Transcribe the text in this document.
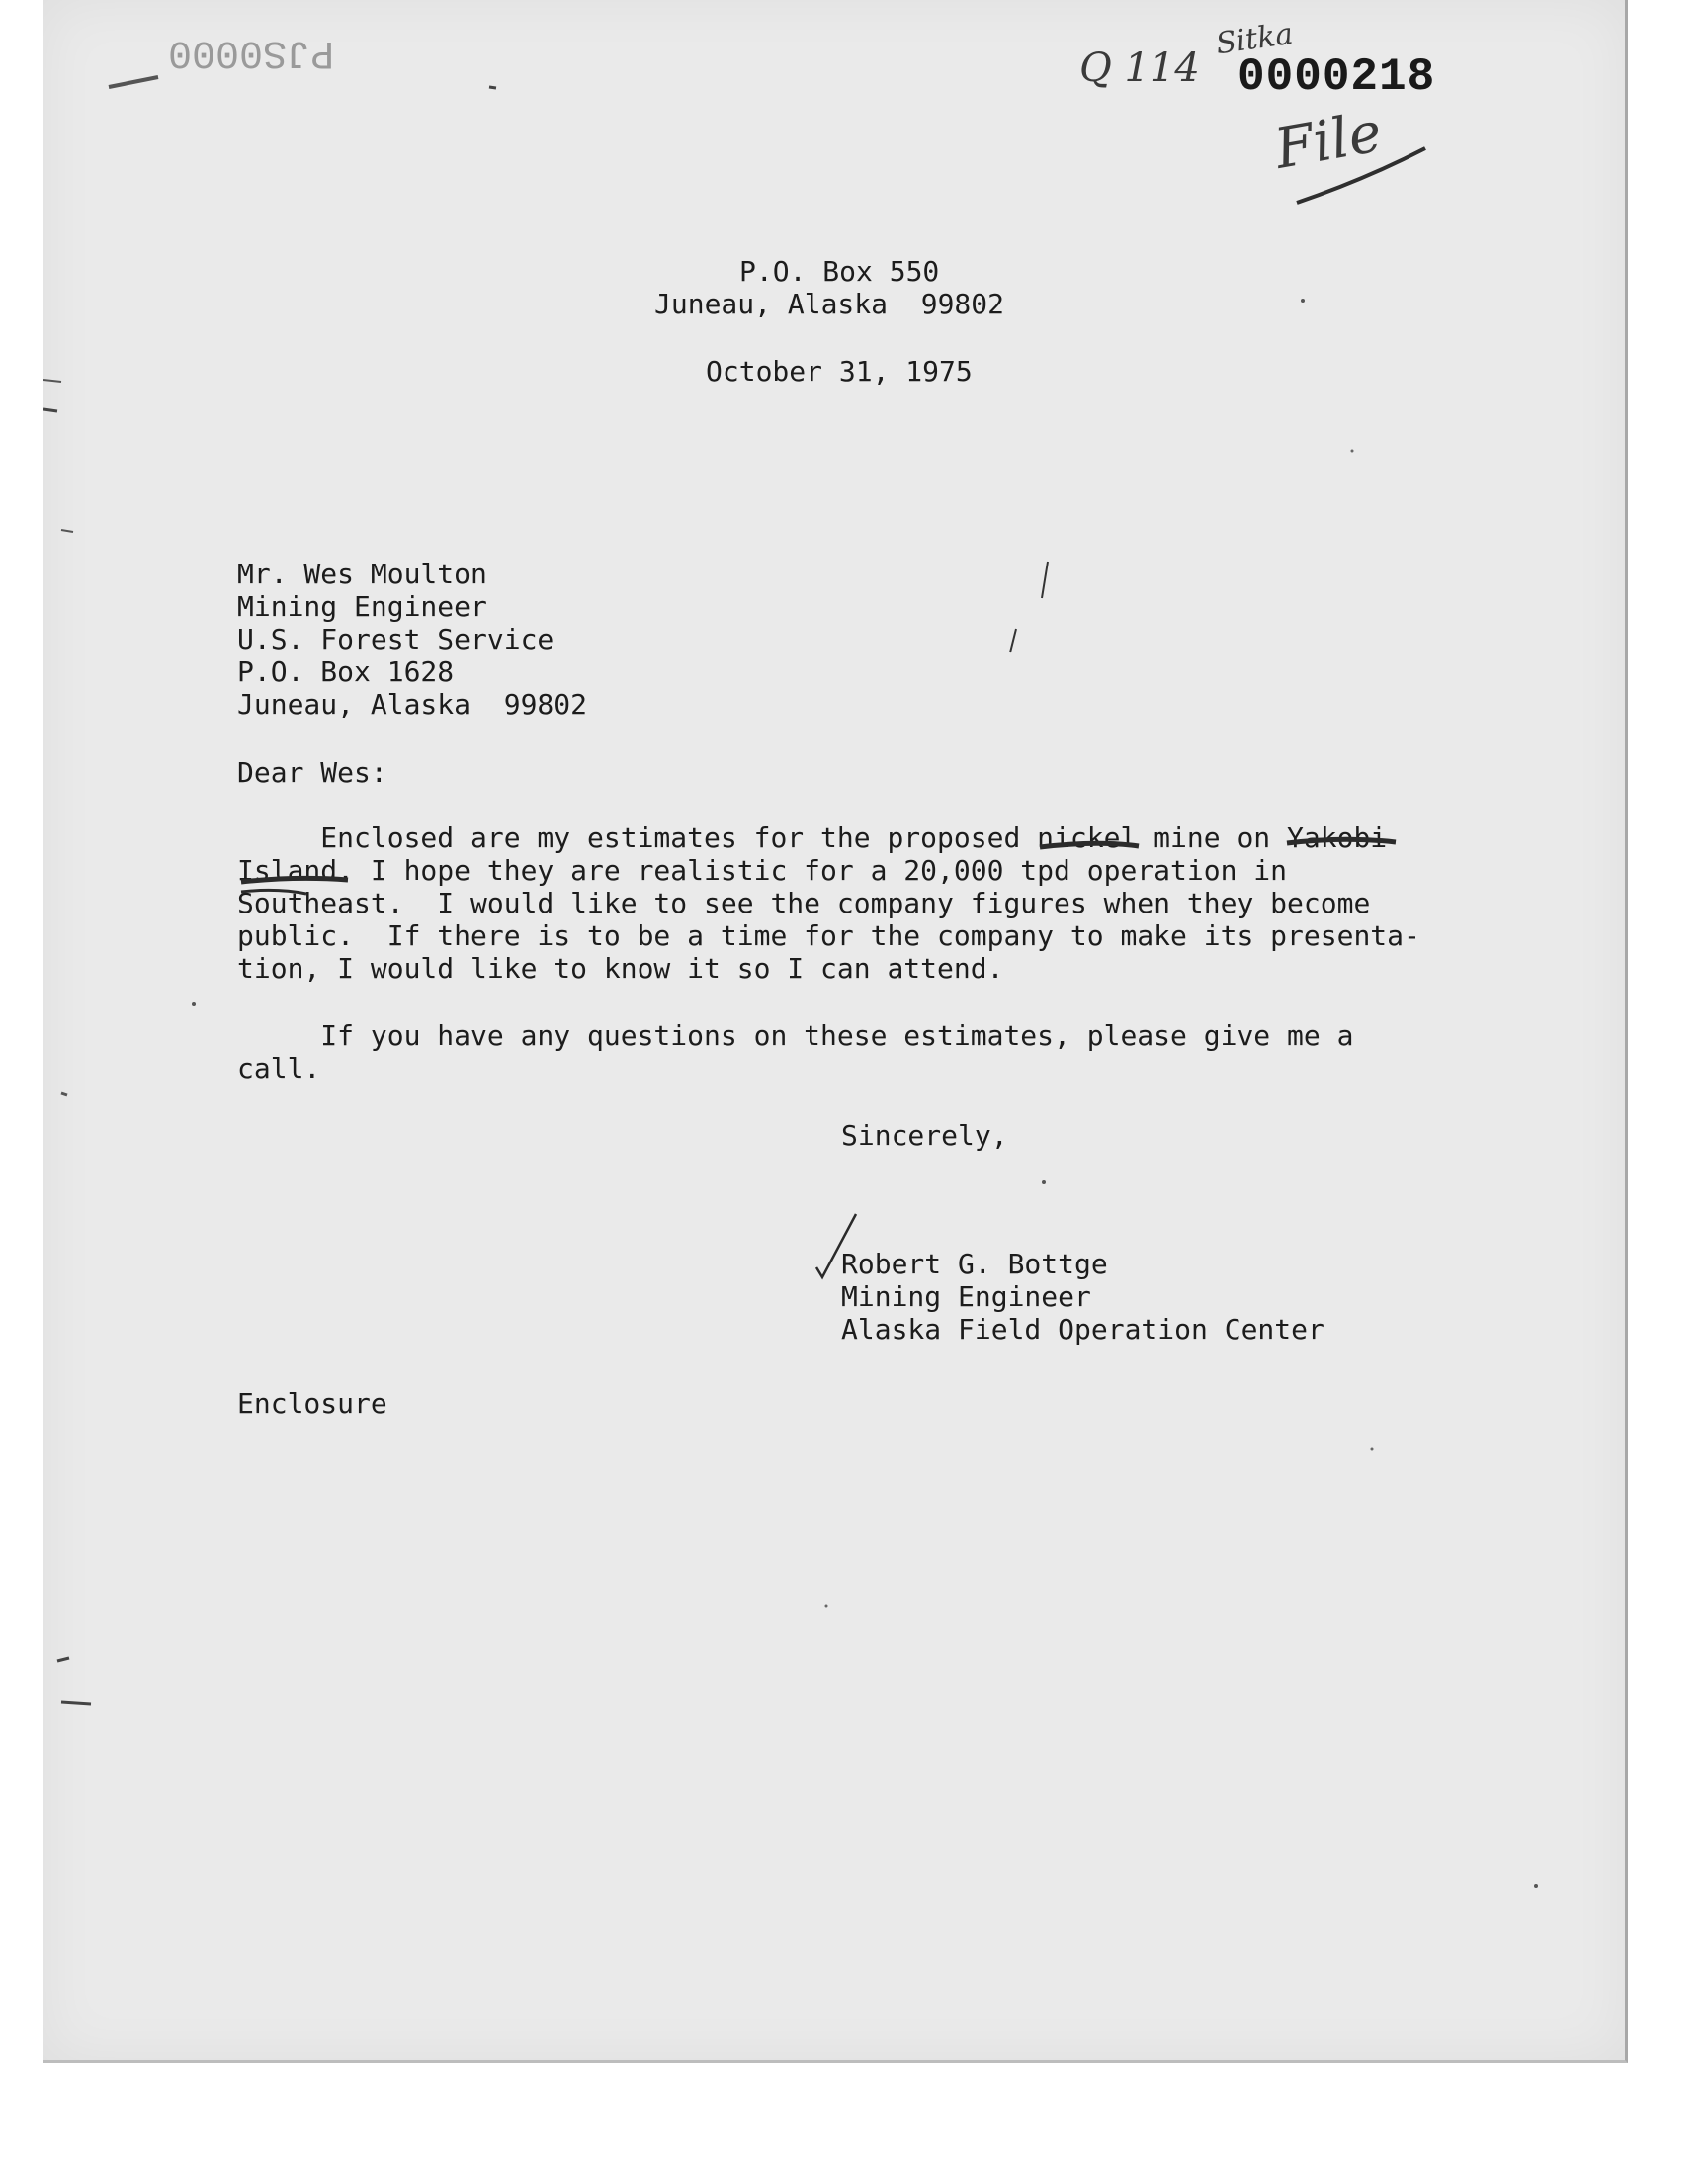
PJS0000	Q 114
Sitka
0000218
File
P.O. Box 550
Juneau, Alaska  99802
October 31, 1975
Mr. Wes Moulton
Mining Engineer
U.S. Forest Service
P.O. Box 1628
Juneau, Alaska  99802
Dear Wes:
Enclosed are my estimates for the proposed nickel mine on Yakobi
Island. I hope they are realistic for a 20,000 tpd operation in
Southeast.  I would like to see the company figures when they become
public.  If there is to be a time for the company to make its presenta-
tion, I would like to know it so I can attend.
If you have any questions on these estimates, please give me a
call.
Sincerely,
Robert G. Bottge
Mining Engineer
Alaska Field Operation Center
Enclosure
